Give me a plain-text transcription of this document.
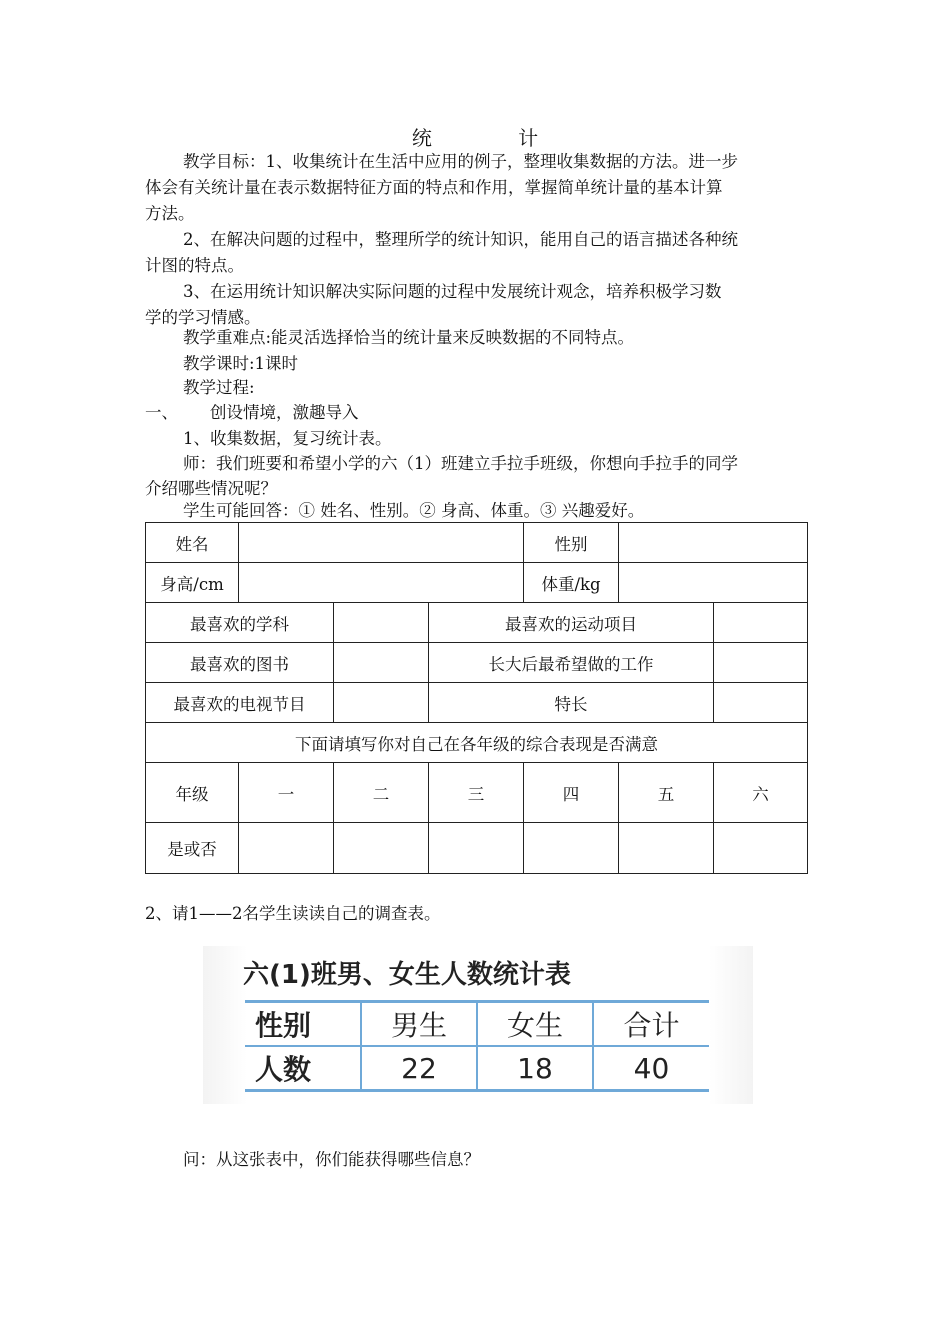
统 计
教学目标：1、收集统计在生活中应用的例子，整理收集数据的方法。进一步
体会有关统计量在表示数据特征方面的特点和作用，掌握简单统计量的基本计算
方法。
2、在解决问题的过程中，整理所学的统计知识，能用自己的语言描述各种统
计图的特点。
3、在运用统计知识解决实际问题的过程中发展统计观念，培养积极学习数
学的学习情感。
教学重难点:能灵活选择恰当的统计量来反映数据的不同特点。
教学课时:1课时
教学过程:
一、 创设情境，激趣导入
1、收集数据，复习统计表。
师：我们班要和希望小学的六（1）班建立手拉手班级，你想向手拉手的同学
介绍哪些情况呢？
学生可能回答：① 姓名、性别。② 身高、体重。③ 兴趣爱好。
姓名				性别		
身高/cm				体重/kg		
最喜欢的学科			最喜欢的运动项目			
最喜欢的图书			长大后最希望做的工作			
最喜欢的电视节目			特长			
下面请填写你对自己在各年级的综合表现是否满意						
年级	一	二	三	四	五	六
是或否						
2、请1——2名学生读读自己的调查表。
六(1)班男、女生人数统计表
性别	男生	女生	合计
人数	22	18	40
问：从这张表中，你们能获得哪些信息？
